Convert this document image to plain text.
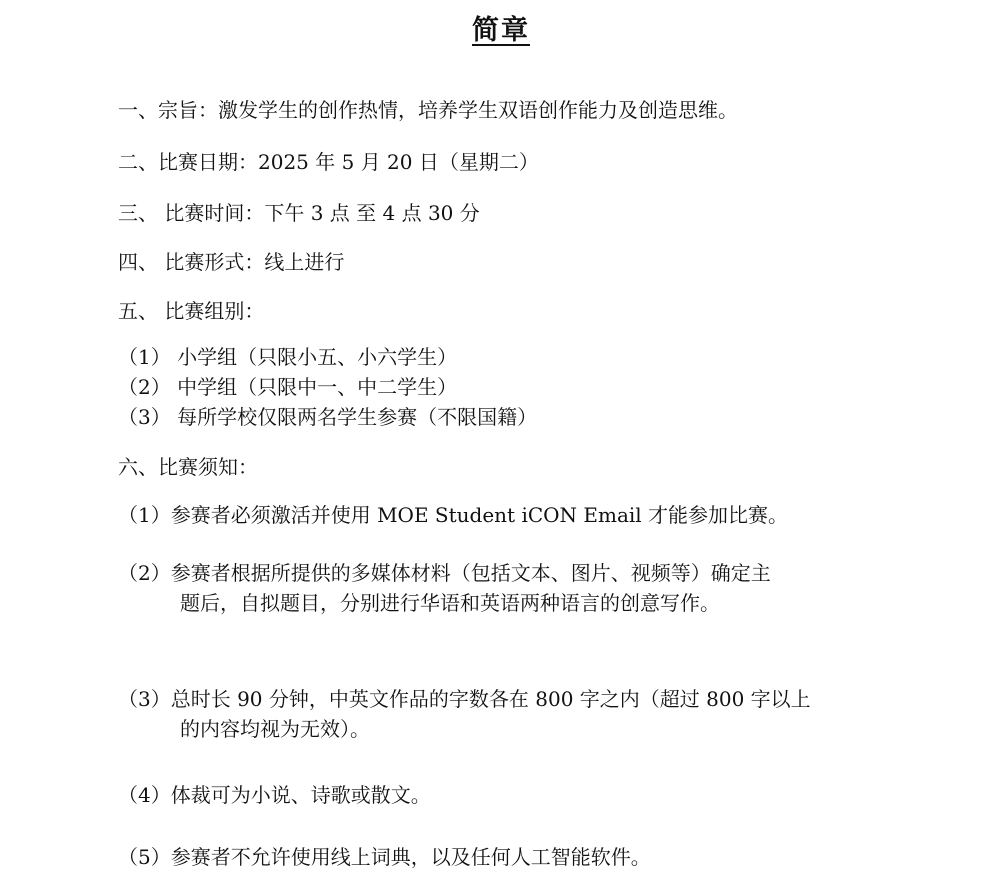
简章
一、宗旨：激发学生的创作热情，培养学生双语创作能力及创造思维。
二、比赛日期：2025 年 5 月 20 日（星期二）
三、 比赛时间：下午 3 点 至 4 点 30 分
四、 比赛形式：线上进行
五、 比赛组别：
（1） 小学组（只限小五、小六学生）
（2） 中学组（只限中一、中二学生）
（3） 每所学校仅限两名学生参赛（不限国籍）
六、比赛须知：
（1）参赛者必须激活并使用 MOE Student iCON Email 才能参加比赛。
（2）参赛者根据所提供的多媒体材料（包括文本、图片、视频等）确定主
题后，自拟题目，分别进行华语和英语两种语言的创意写作。
（3）总时长 90 分钟，中英文作品的字数各在 800 字之内（超过 800 字以上
的内容均视为无效）。
（4）体裁可为小说、诗歌或散文。
（5）参赛者不允许使用线上词典，以及任何人工智能软件。
